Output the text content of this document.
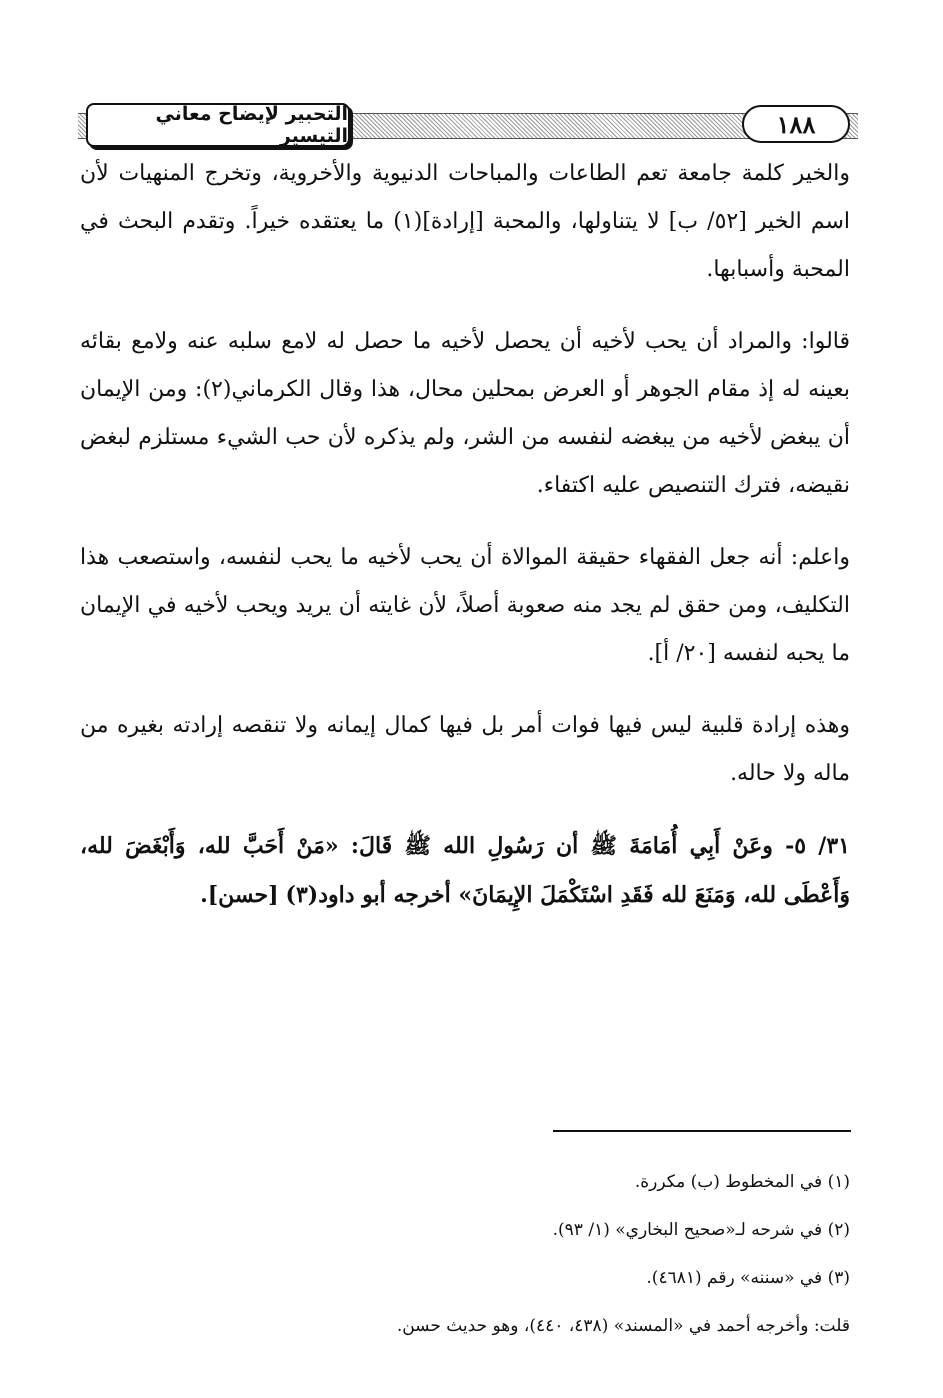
التحبير لإيضاح معاني التيسير	١٨٨

والخير كلمة جامعة تعم الطاعات والمباحات الدنيوية والأخروية، وتخرج المنهيات لأن اسم الخير [٥٢/ ب] لا يتناولها، والمحبة [إرادة](١) ما يعتقده خيراً. وتقدم البحث في المحبة وأسبابها.

قالوا: والمراد أن يحب لأخيه أن يحصل لأخيه ما حصل له لامع سلبه عنه ولامع بقائه بعينه له إذ مقام الجوهر أو العرض بمحلين محال، هذا وقال الكرماني(٢): ومن الإيمان أن يبغض لأخيه من يبغضه لنفسه من الشر، ولم يذكره لأن حب الشيء مستلزم لبغض نقيضه، فترك التنصيص عليه اكتفاء.

واعلم: أنه جعل الفقهاء حقيقة الموالاة أن يحب لأخيه ما يحب لنفسه، واستصعب هذا التكليف، ومن حقق لم يجد منه صعوبة أصلاً، لأن غايته أن يريد ويحب لأخيه في الإيمان ما يحبه لنفسه [٢٠/ أ].

وهذه إرادة قلبية ليس فيها فوات أمر بل فيها كمال إيمانه ولا تنقصه إرادته بغيره من ماله ولا حاله.

٣١/ ٥- وعَنْ أَبِي أُمَامَةَ ﷺ أن رَسُولِ الله ﷺ قَالَ: «مَنْ أَحَبَّ لله، وَأَبْغَضَ لله، وَأَعْطَى لله، وَمَنَعَ لله فَقَدِ اسْتَكْمَلَ الإِيمَانَ» أخرجه أبو داود(٣) [حسن].

(١) في المخطوط (ب) مكررة.
(٢) في شرحه لـ«صحيح البخاري» (١/ ٩٣).
(٣) في «سننه» رقم (٤٦٨١).
قلت: وأخرجه أحمد في «المسند» (٤٣٨، ٤٤٠)، وهو حديث حسن.
